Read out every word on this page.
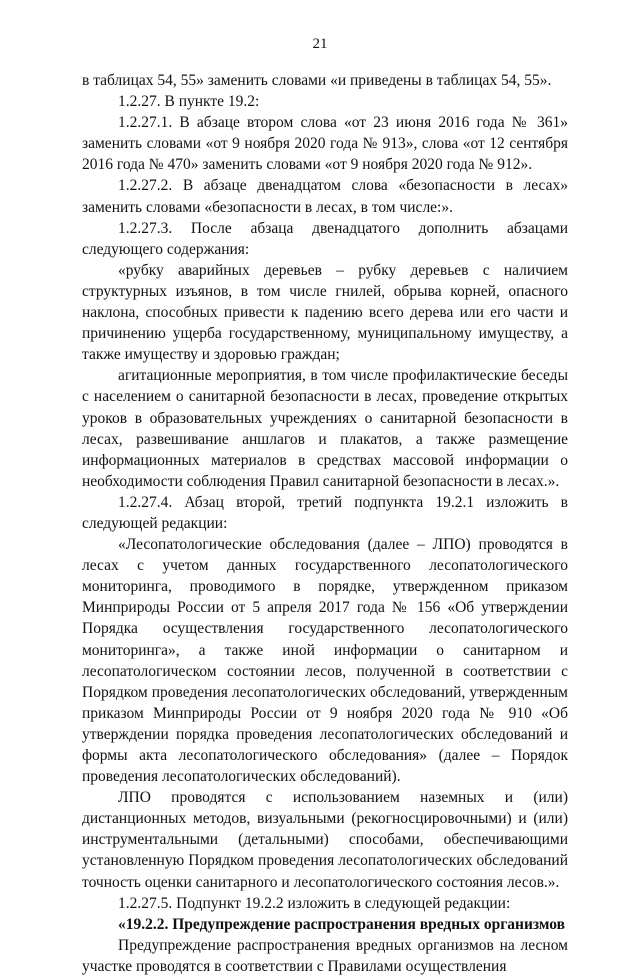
21

в таблицах 54, 55» заменить словами «и приведены в таблицах 54, 55».

1.2.27. В пункте 19.2:

1.2.27.1. В абзаце втором слова «от 23 июня 2016 года № 361» заменить словами «от 9 ноября 2020 года № 913», слова «от 12 сентября 2016 года № 470» заменить словами «от 9 ноября 2020 года № 912».

1.2.27.2. В абзаце двенадцатом слова «безопасности в лесах» заменить словами «безопасности в лесах, в том числе:».

1.2.27.3. После абзаца двенадцатого дополнить абзацами следующего содержания:

«рубку аварийных деревьев – рубку деревьев с наличием структурных изъянов, в том числе гнилей, обрыва корней, опасного наклона, способных привести к падению всего дерева или его части и причинению ущерба государственному, муниципальному имуществу, а также имуществу и здоровью граждан;

агитационные мероприятия, в том числе профилактические беседы с населением о санитарной безопасности в лесах, проведение открытых уроков в образовательных учреждениях о санитарной безопасности в лесах, развешивание аншлагов и плакатов, а также размещение информационных материалов в средствах массовой информации о необходимости соблюдения Правил санитарной безопасности в лесах.».

1.2.27.4. Абзац второй, третий подпункта 19.2.1 изложить в следующей редакции:

«Лесопатологические обследования (далее – ЛПО) проводятся в лесах с учетом данных государственного лесопатологического мониторинга, проводимого в порядке, утвержденном приказом Минприроды России от 5 апреля 2017 года № 156 «Об утверждении Порядка осуществления государственного лесопатологического мониторинга», а также иной информации о санитарном и лесопатологическом состоянии лесов, полученной в соответствии с Порядком проведения лесопатологических обследований, утвержденным приказом Минприроды России от 9 ноября 2020 года № 910 «Об утверждении порядка проведения лесопатологических обследований и формы акта лесопатологического обследования» (далее – Порядок проведения лесопатологических обследований).

ЛПО проводятся с использованием наземных и (или) дистанционных методов, визуальными (рекогносцировочными) и (или) инструментальными (детальными) способами, обеспечивающими установленную Порядком проведения лесопатологических обследований точность оценки санитарного и лесопатологического состояния лесов.».

1.2.27.5. Подпункт 19.2.2 изложить в следующей редакции:

«19.2.2. Предупреждение распространения вредных организмов

Предупреждение распространения вредных организмов на лесном участке проводятся в соответствии с Правилами осуществления
